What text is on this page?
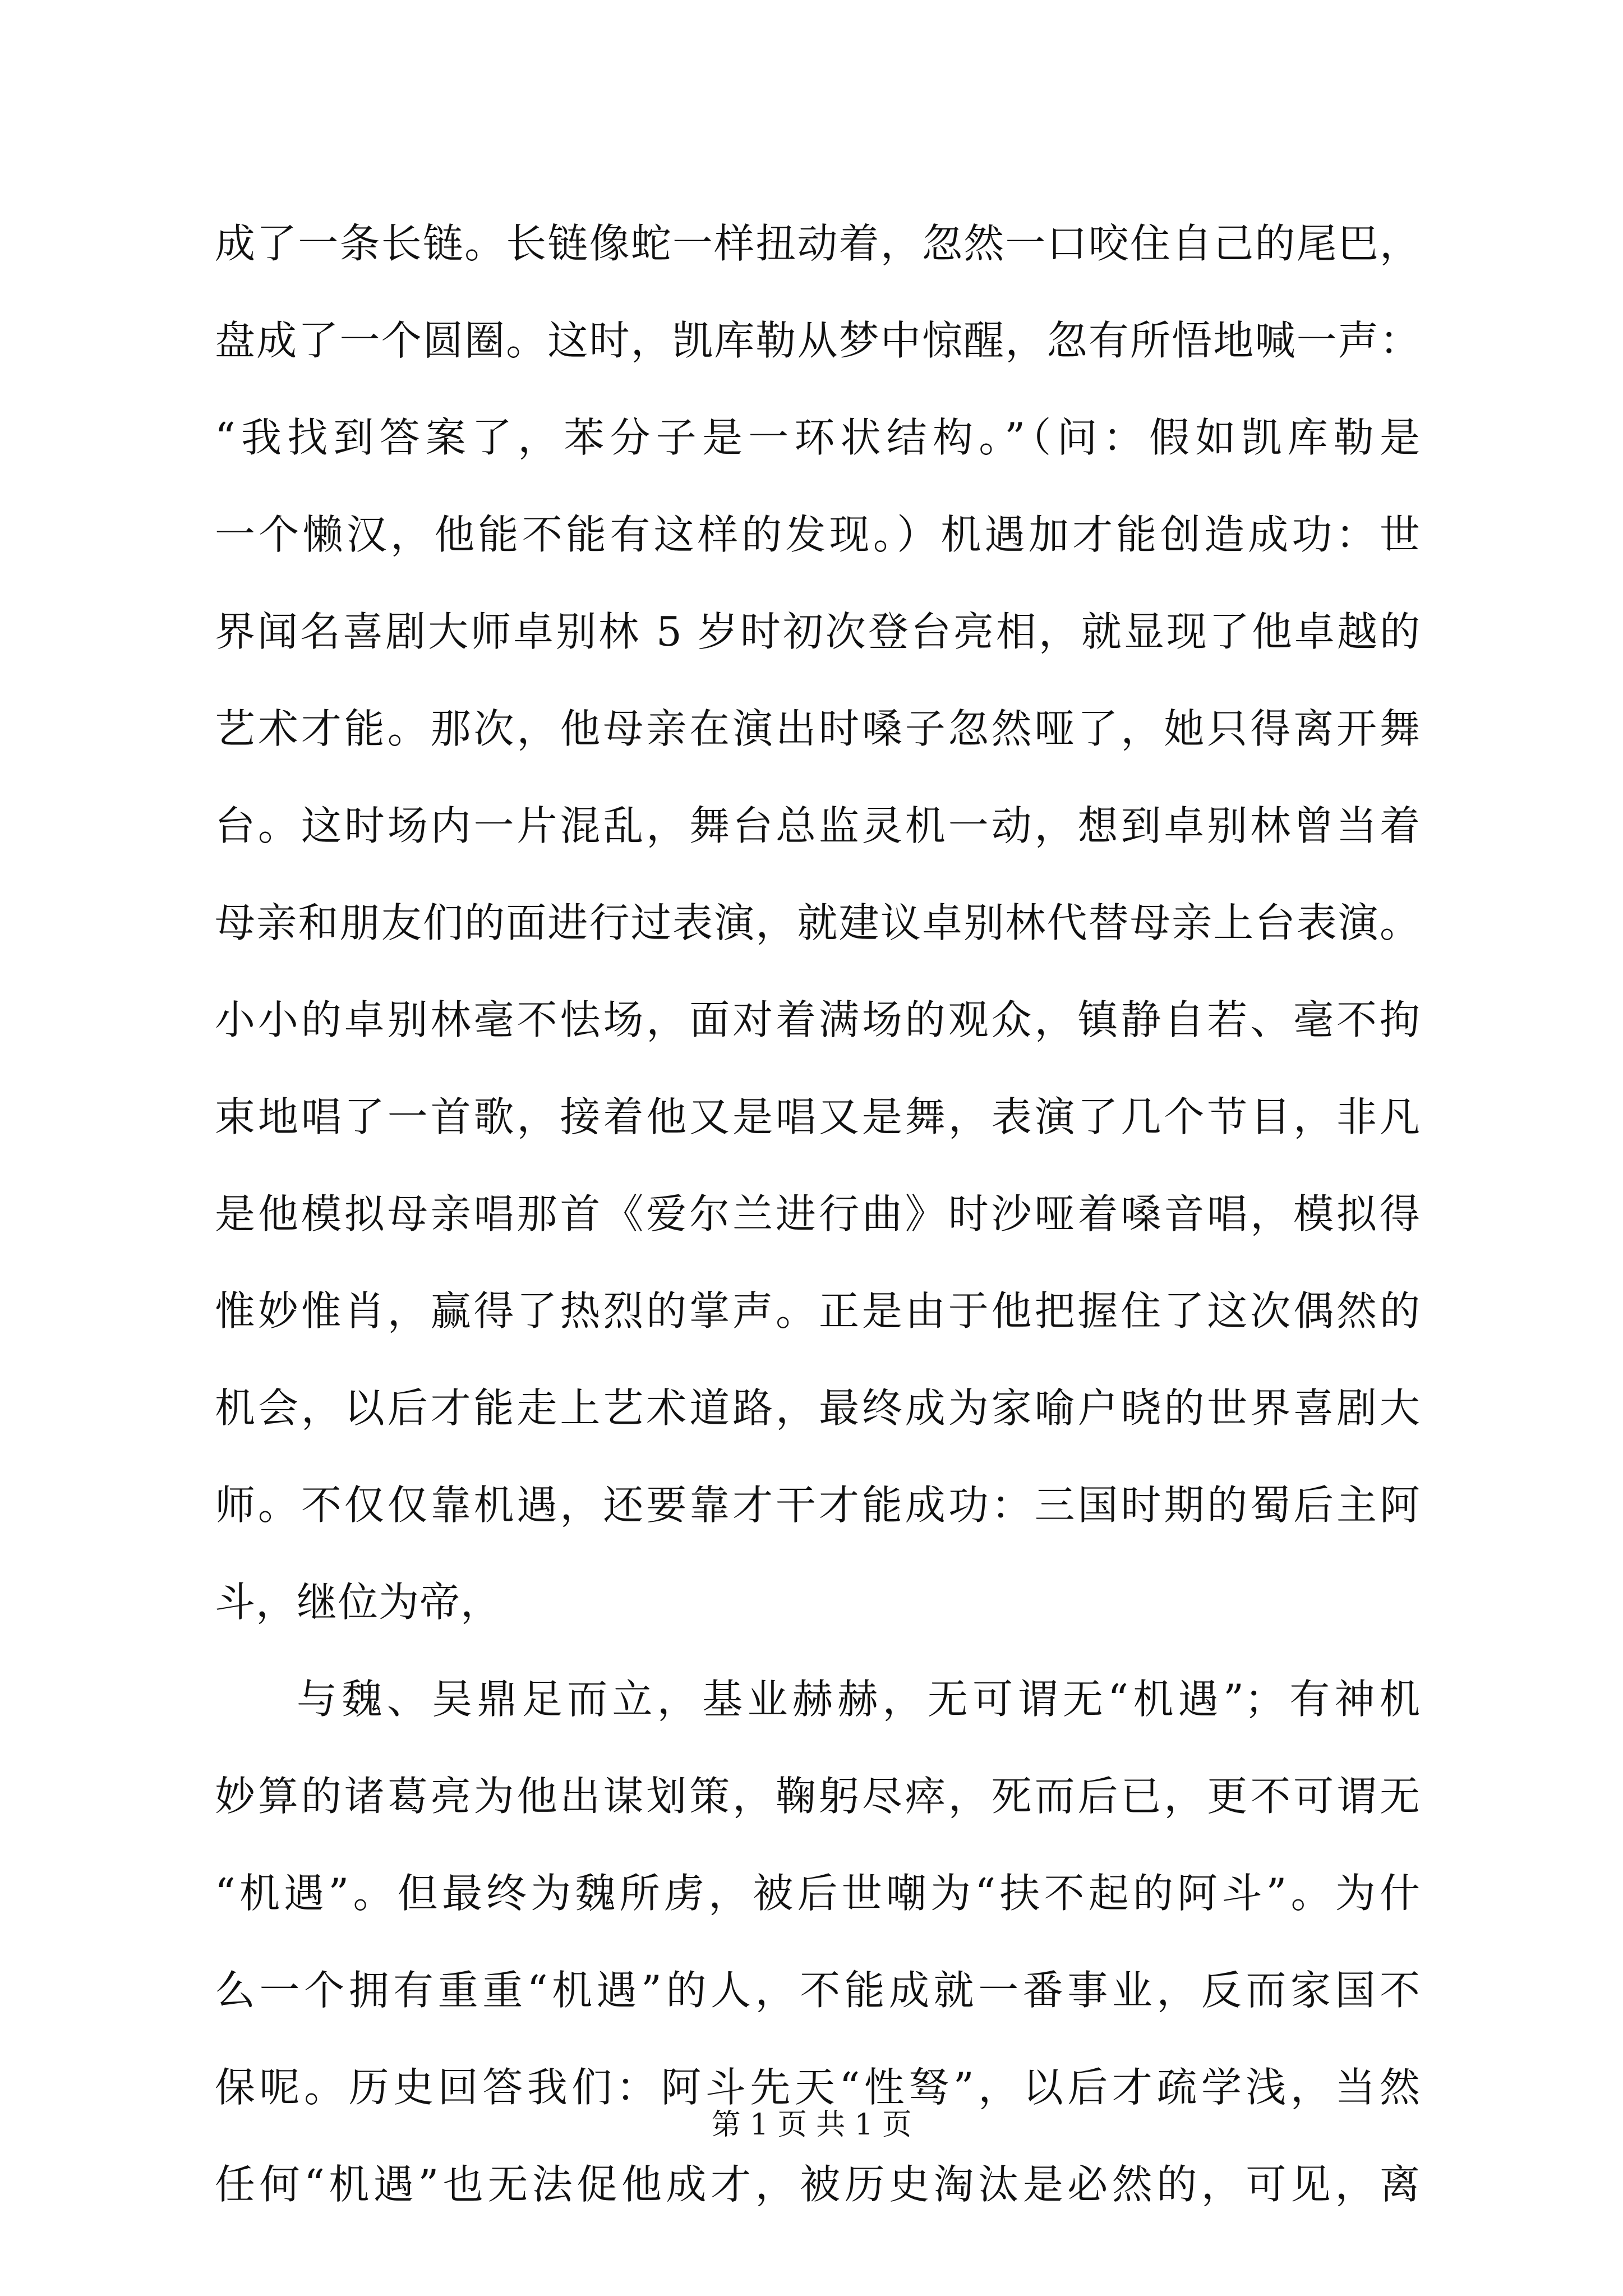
成了一条长链。长链像蛇一样扭动着，忽然一口咬住自己的尾巴，
盘成了一个圆圈。这时，凯库勒从梦中惊醒，忽有所悟地喊一声：
“我找到答案了，苯分子是一环状结构。”（问：假如凯库勒是
一个懒汉，他能不能有这样的发现。）机遇加才能创造成功：世
界闻名喜剧大师卓别林 5 岁时初次登台亮相，就显现了他卓越的
艺术才能。那次，他母亲在演出时嗓子忽然哑了，她只得离开舞
台。这时场内一片混乱，舞台总监灵机一动，想到卓别林曾当着
母亲和朋友们的面进行过表演，就建议卓别林代替母亲上台表演。
小小的卓别林毫不怯场，面对着满场的观众，镇静自若、毫不拘
束地唱了一首歌，接着他又是唱又是舞，表演了几个节目，非凡
是他模拟母亲唱那首《爱尔兰进行曲》时沙哑着嗓音唱，模拟得
惟妙惟肖，赢得了热烈的掌声。正是由于他把握住了这次偶然的
机会，以后才能走上艺术道路，最终成为家喻户晓的世界喜剧大
师。不仅仅靠机遇，还要靠才干才能成功：三国时期的蜀后主阿
斗，继位为帝，
与魏、吴鼎足而立，基业赫赫，无可谓无“机遇”；有神机
妙算的诸葛亮为他出谋划策，鞠躬尽瘁，死而后已，更不可谓无
“机遇”。但最终为魏所虏，被后世嘲为“扶不起的阿斗”。为什
么一个拥有重重“机遇”的人，不能成就一番事业，反而家国不
保呢。历史回答我们：阿斗先天“性驽”，以后才疏学浅，当然
任何“机遇”也无法促他成才，被历史淘汰是必然的，可见，离
第 1 页 共 1 页
